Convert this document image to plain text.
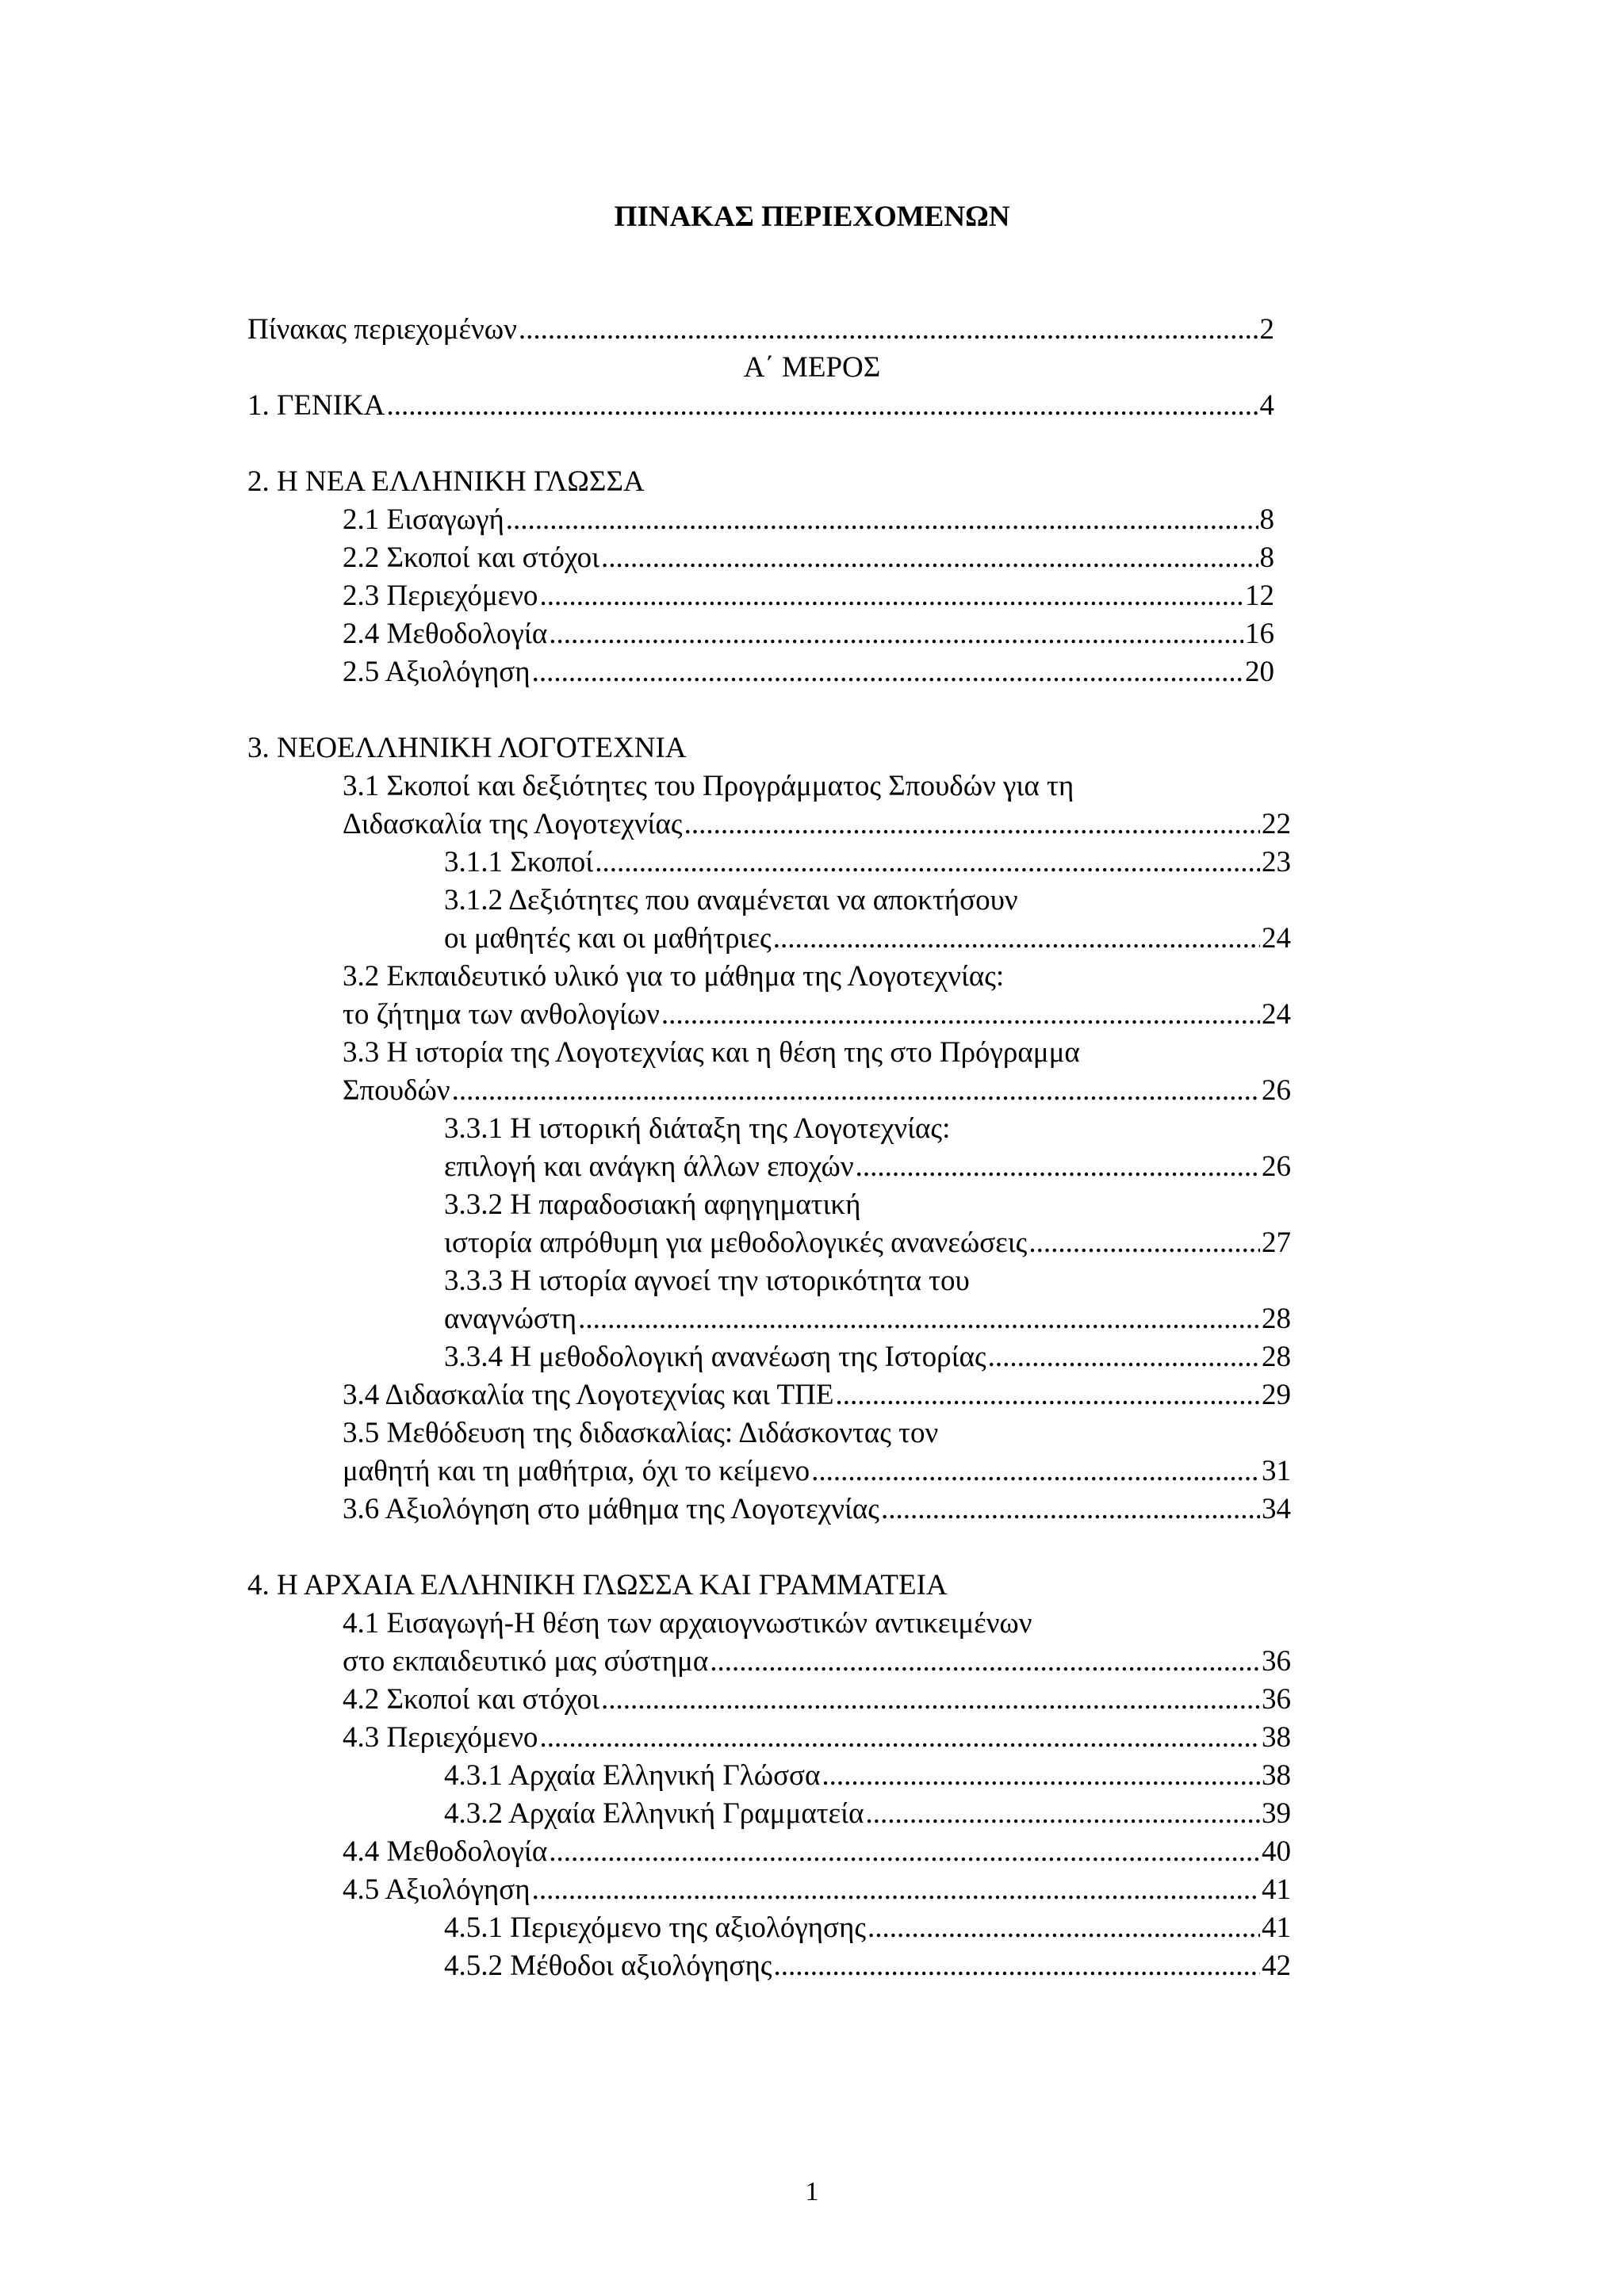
ΠΙΝΑΚΑΣ ΠΕΡΙΕΧΟΜΕΝΩΝ
Πίνακας περιεχομένων .....	2
Α΄ ΜΕΡΟΣ
1. ΓΕΝΙΚΑ .....	4
2. Η ΝΕΑ ΕΛΛΗΝΙΚΗ ΓΛΩΣΣΑ
2.1 Εισαγωγή .....	8
2.2 Σκοποί και στόχοι .....	8
2.3 Περιεχόμενο .....	12
2.4 Μεθοδολογία .....	16
2.5 Αξιολόγηση .....	20
3. ΝΕΟΕΛΛΗΝΙΚΗ ΛΟΓΟΤΕΧΝΙΑ
3.1 Σκοποί και δεξιότητες του Προγράμματος Σπουδών για τη
Διδασκαλία της Λογοτεχνίας .....	22
3.1.1 Σκοποί .....	23
3.1.2 Δεξιότητες που αναμένεται να αποκτήσουν
οι μαθητές και οι μαθήτριες .....	24
3.2 Εκπαιδευτικό υλικό για το μάθημα της Λογοτεχνίας:
το ζήτημα των ανθολογίων .....	24
3.3 Η ιστορία της Λογοτεχνίας και η θέση της στο Πρόγραμμα
Σπουδών .....	26
3.3.1 Η ιστορική διάταξη της Λογοτεχνίας:
επιλογή και ανάγκη άλλων εποχών .....	26
3.3.2 Η παραδοσιακή αφηγηματική
ιστορία απρόθυμη για μεθοδολογικές ανανεώσεις .....	27
3.3.3 Η ιστορία αγνοεί την ιστορικότητα του
αναγνώστη .....	28
3.3.4 Η μεθοδολογική ανανέωση της Ιστορίας .....	28
3.4 Διδασκαλία της Λογοτεχνίας και ΤΠΕ .....	29
3.5 Μεθόδευση της διδασκαλίας: Διδάσκοντας τον
μαθητή και τη μαθήτρια, όχι το κείμενο .....	31
3.6 Αξιολόγηση στο μάθημα της Λογοτεχνίας .....	34
4. Η ΑΡΧΑΙΑ ΕΛΛΗΝΙΚΗ ΓΛΩΣΣΑ ΚΑΙ ΓΡΑΜΜΑΤΕΙΑ
4.1 Εισαγωγή-Η θέση των αρχαιογνωστικών αντικειμένων
στο εκπαιδευτικό μας σύστημα .....	36
4.2 Σκοποί και στόχοι .....	36
4.3 Περιεχόμενο .....	38
4.3.1 Αρχαία Ελληνική Γλώσσα .....	38
4.3.2 Αρχαία Ελληνική Γραμματεία .....	39
4.4 Μεθοδολογία .....	40
4.5 Αξιολόγηση .....	41
4.5.1 Περιεχόμενο της αξιολόγησης .....	41
4.5.2 Μέθοδοι αξιολόγησης .....	42
1
